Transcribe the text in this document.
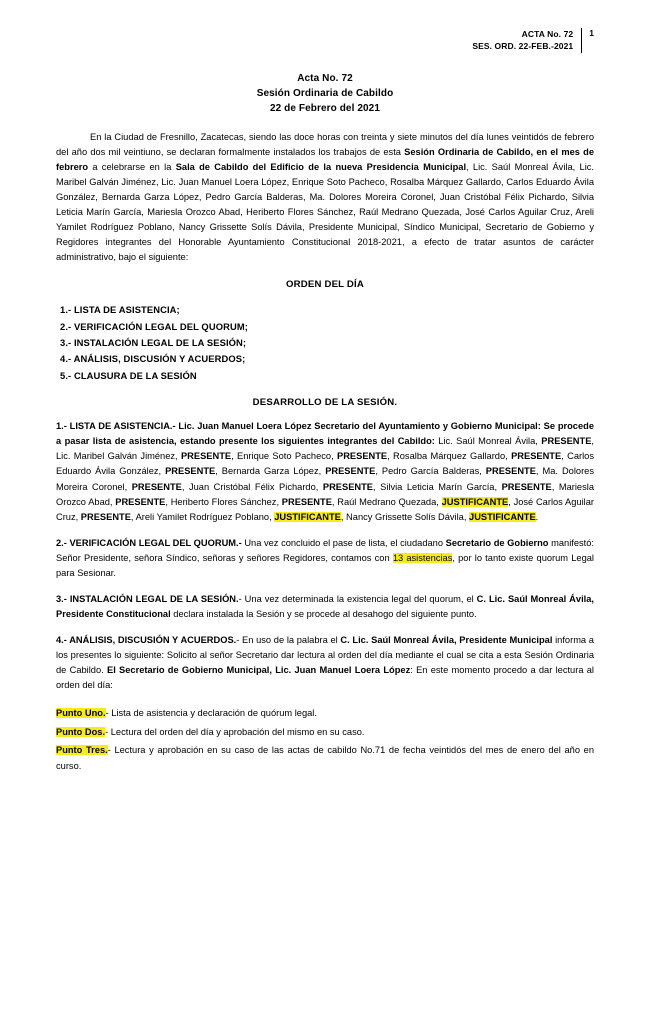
ACTA No. 72
SES. ORD. 22-FEB.-2021
1
Acta No. 72
Sesión Ordinaria de Cabildo
22 de Febrero del 2021

En la Ciudad de Fresnillo, Zacatecas, siendo las doce horas con treinta y siete minutos del día lunes veintidós de febrero del año dos mil veintiuno, se declaran formalmente instalados los trabajos de esta Sesión Ordinaria de Cabildo, en el mes de febrero a celebrarse en la Sala de Cabildo del Edificio de la nueva Presidencia Municipal, Lic. Saúl Monreal Ávila, Lic. Maribel Galván Jiménez, Lic. Juan Manuel Loera López, Enrique Soto Pacheco, Rosalba Márquez Gallardo, Carlos Eduardo Ávila González, Bernarda Garza López, Pedro García Balderas, Ma. Dolores Moreira Coronel, Juan Cristóbal Félix Pichardo, Silvia Leticia Marín García, Mariesla Orozco Abad, Heriberto Flores Sánchez, Raúl Medrano Quezada, José Carlos Aguilar Cruz, Areli Yamilet Rodríguez Poblano, Nancy Grissette Solís Dávila, Presidente Municipal, Síndico Municipal, Secretario de Gobierno y Regidores integrantes del Honorable Ayuntamiento Constitucional 2018-2021, a efecto de tratar asuntos de carácter administrativo, bajo el siguiente:

ORDEN DEL DÍA
1.- LISTA DE ASISTENCIA;
2.- VERIFICACIÓN LEGAL DEL QUORUM;
3.- INSTALACIÓN LEGAL DE LA SESIÓN;
4.- ANÁLISIS, DISCUSIÓN Y ACUERDOS;
5.- CLAUSURA DE LA SESIÓN
DESARROLLO DE LA SESIÓN.
1.- LISTA DE ASISTENCIA.- Lic. Juan Manuel Loera López Secretario del Ayuntamiento y Gobierno Municipal: Se procede a pasar lista de asistencia, estando presente los siguientes integrantes del Cabildo: Lic. Saúl Monreal Ávila, PRESENTE, Lic. Maribel Galván Jiménez, PRESENTE, Enrique Soto Pacheco, PRESENTE, Rosalba Márquez Gallardo, PRESENTE, Carlos Eduardo Ávila González, PRESENTE, Bernarda Garza López, PRESENTE, Pedro García Balderas, PRESENTE, Ma. Dolores Moreira Coronel, PRESENTE, Juan Cristóbal Félix Pichardo, PRESENTE, Silvia Leticia Marín García, PRESENTE, Mariesla Orozco Abad, PRESENTE, Heriberto Flores Sánchez, PRESENTE, Raúl Medrano Quezada, JUSTIFICANTE, José Carlos Aguilar Cruz, PRESENTE, Areli Yamilet Rodríguez Poblano, JUSTIFICANTE, Nancy Grissette Solís Dávila, JUSTIFICANTE.
2.- VERIFICACIÓN LEGAL DEL QUORUM.- Una vez concluido el pase de lista, el ciudadano Secretario de Gobierno manifestó: Señor Presidente, señora Síndico, señoras y señores Regidores, contamos con 13 asistencias, por lo tanto existe quorum Legal para Sesionar.
3.- INSTALACIÓN LEGAL DE LA SESIÓN.- Una vez determinada la existencia legal del quorum, el C. Lic. Saúl Monreal Ávila, Presidente Constitucional declara instalada la Sesión y se procede al desahogo del siguiente punto.
4.- ANÁLISIS, DISCUSIÓN Y ACUERDOS.- En uso de la palabra el C. Lic. Saúl Monreal Ávila, Presidente Municipal informa a los presentes lo siguiente: Solicito al señor Secretario dar lectura al orden del día mediante el cual se cita a esta Sesión Ordinaria de Cabildo. El Secretario de Gobierno Municipal, Lic. Juan Manuel Loera López: En este momento procedo a dar lectura al orden del día:
Punto Uno.- Lista de asistencia y declaración de quórum legal.
Punto Dos.- Lectura del orden del día y aprobación del mismo en su caso.
Punto Tres.- Lectura y aprobación en su caso de las actas de cabildo No.71 de fecha veintidós del mes de enero del año en curso.
